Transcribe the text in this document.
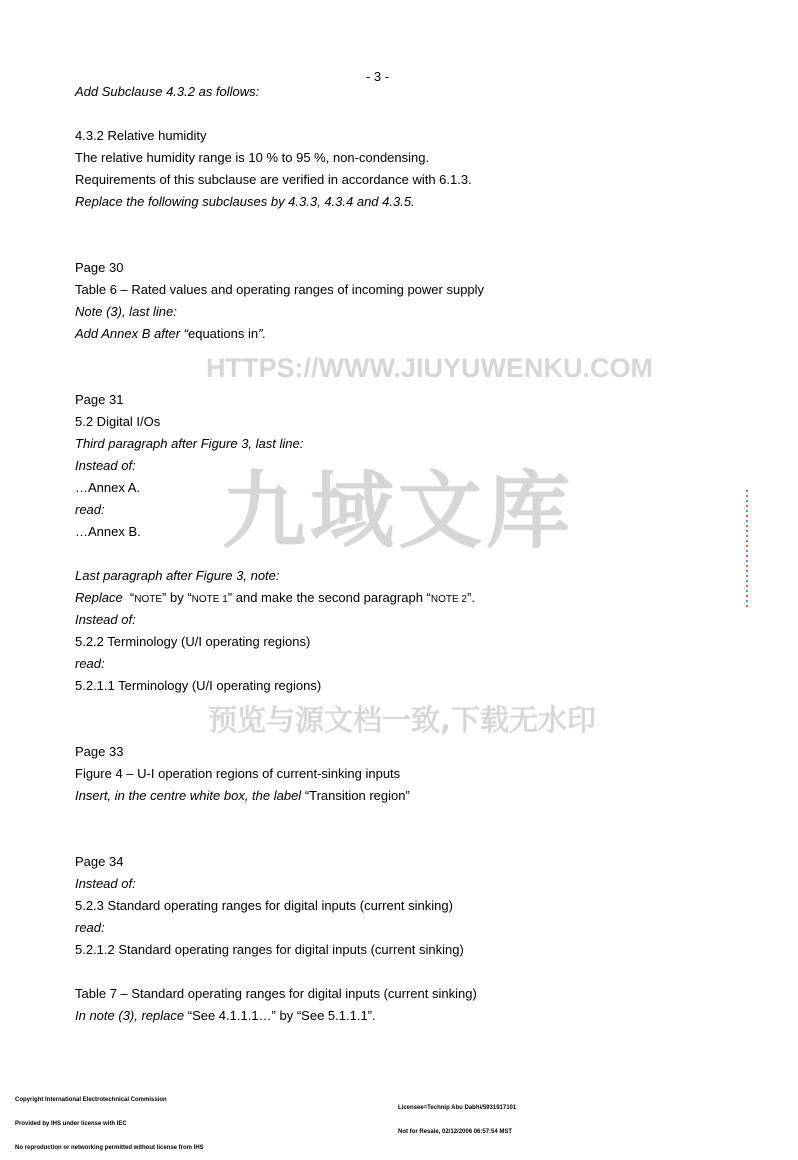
- 3 -
九域文库
HTTPS://WWW.JIUYUWENKU.COM
预览与源文档一致,下载无水印
Add Subclause 4.3.2 as follows:
4.3.2 Relative humidity
The relative humidity range is 10 % to 95 %, non-condensing.
Requirements of this subclause are verified in accordance with 6.1.3.
Replace the following subclauses by 4.3.3, 4.3.4 and 4.3.5.
Page 30
Table 6 – Rated values and operating ranges of incoming power supply
Note (3), last line:
Add Annex B after “equations in”.
Page 31
5.2 Digital I/Os
Third paragraph after Figure 3, last line:
Instead of:
…Annex A.
read:
…Annex B.
Last paragraph after Figure 3, note:
Replace  “NOTE” by “NOTE 1” and make the second paragraph “NOTE 2”.
Instead of:
5.2.2 Terminology (U/I operating regions)
read:
5.2.1.1 Terminology (U/I operating regions)
Page 33
Figure 4 – U-I operation regions of current-sinking inputs
Insert, in the centre white box, the label “Transition region”
Page 34
Instead of:
5.2.3 Standard operating ranges for digital inputs (current sinking)
read:
5.2.1.2 Standard operating ranges for digital inputs (current sinking)
Table 7 – Standard operating ranges for digital inputs (current sinking)
In note (3), replace “See 4.1.1.1…” by “See 5.1.1.1”.

Copyright International Electrotechnical Commission

Provided by IHS under license with IEC

No reproduction or networking permitted without license from IHS

Licensee=Technip Abu Dabhi/5931917101

Not for Resale, 02/12/2006 06:57:54 MST
